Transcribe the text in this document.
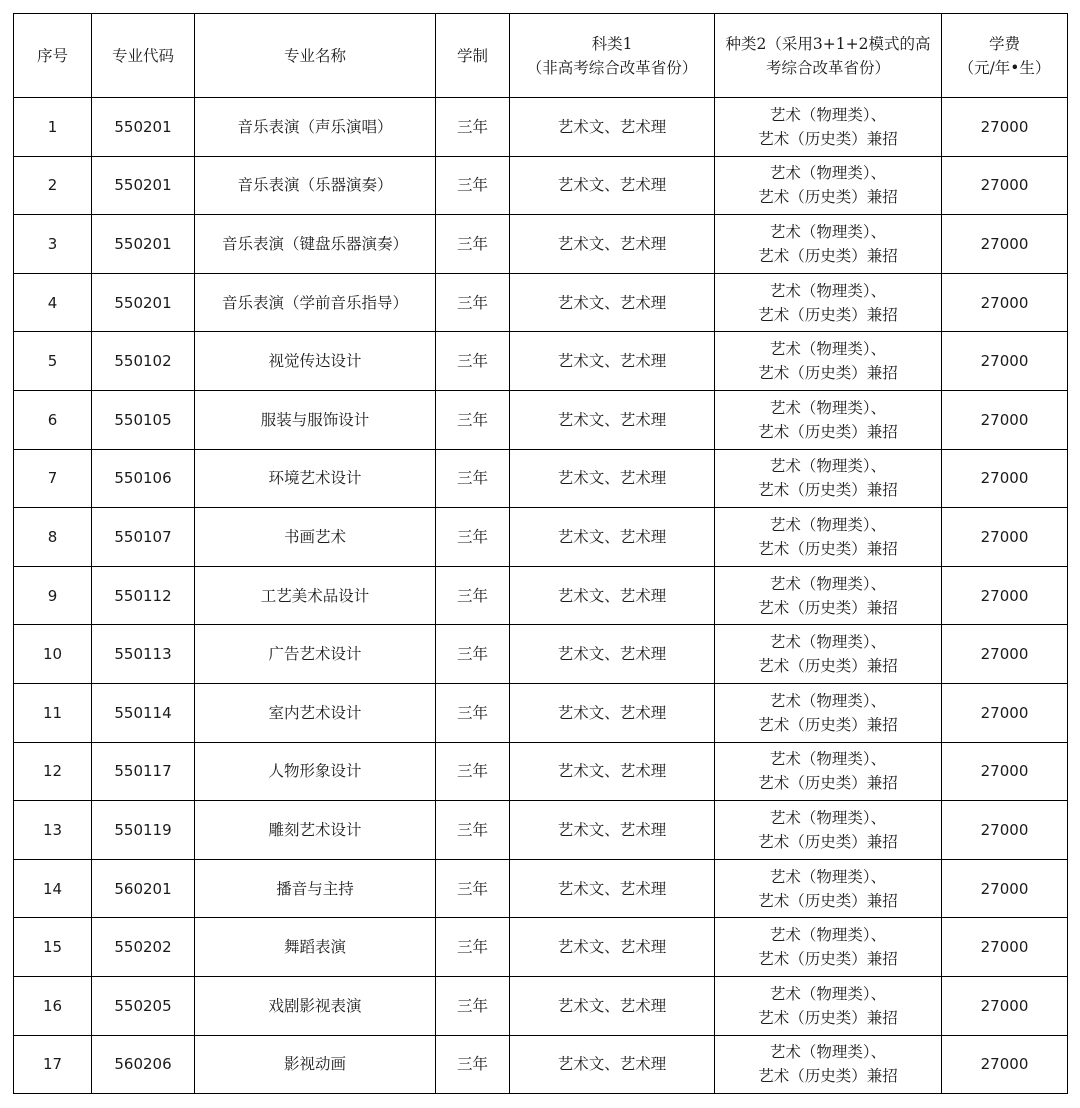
序号	专业代码	专业名称	学制	科类1
（非高考综合改革省份）	种类2（采用3+1+2模式的高
考综合改革省份）	学费
（元/年•生）

1	550201	音乐表演（声乐演唱）	三年	艺术文、艺术理	艺术（物理类）、
艺术（历史类）兼招	27000
2	550201	音乐表演（乐器演奏）	三年	艺术文、艺术理	艺术（物理类）、
艺术（历史类）兼招	27000
3	550201	音乐表演（键盘乐器演奏）	三年	艺术文、艺术理	艺术（物理类）、
艺术（历史类）兼招	27000
4	550201	音乐表演（学前音乐指导）	三年	艺术文、艺术理	艺术（物理类）、
艺术（历史类）兼招	27000
5	550102	视觉传达设计	三年	艺术文、艺术理	艺术（物理类）、
艺术（历史类）兼招	27000
6	550105	服装与服饰设计	三年	艺术文、艺术理	艺术（物理类）、
艺术（历史类）兼招	27000
7	550106	环境艺术设计	三年	艺术文、艺术理	艺术（物理类）、
艺术（历史类）兼招	27000
8	550107	书画艺术	三年	艺术文、艺术理	艺术（物理类）、
艺术（历史类）兼招	27000
9	550112	工艺美术品设计	三年	艺术文、艺术理	艺术（物理类）、
艺术（历史类）兼招	27000
10	550113	广告艺术设计	三年	艺术文、艺术理	艺术（物理类）、
艺术（历史类）兼招	27000
11	550114	室内艺术设计	三年	艺术文、艺术理	艺术（物理类）、
艺术（历史类）兼招	27000
12	550117	人物形象设计	三年	艺术文、艺术理	艺术（物理类）、
艺术（历史类）兼招	27000
13	550119	雕刻艺术设计	三年	艺术文、艺术理	艺术（物理类）、
艺术（历史类）兼招	27000
14	560201	播音与主持	三年	艺术文、艺术理	艺术（物理类）、
艺术（历史类）兼招	27000
15	550202	舞蹈表演	三年	艺术文、艺术理	艺术（物理类）、
艺术（历史类）兼招	27000
16	550205	戏剧影视表演	三年	艺术文、艺术理	艺术（物理类）、
艺术（历史类）兼招	27000
17	560206	影视动画	三年	艺术文、艺术理	艺术（物理类）、
艺术（历史类）兼招	27000
